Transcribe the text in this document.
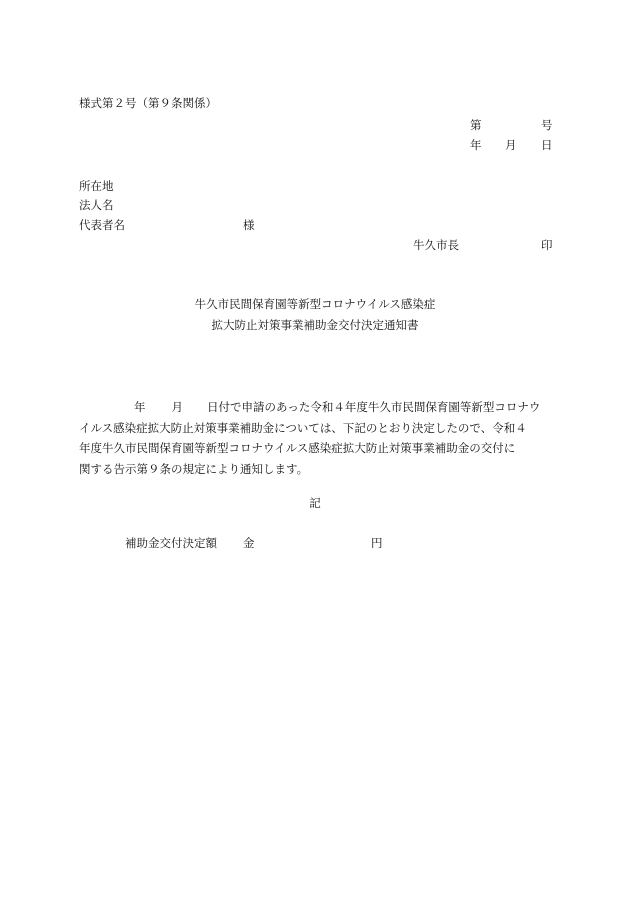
様式第２号（第９条関係）
第	号
年 月 日
所在地
法人名
代表者名	様
牛久市長	印
牛久市民間保育園等新型コロナウイルス感染症
拡大防止対策事業補助金交付決定通知書
年 月 日付で申請のあった令和４年度牛久市民間保育園等新型コロナウ
イルス感染症拡大防止対策事業補助金については、下記のとおり決定したので、令和４
年度牛久市民間保育園等新型コロナウイルス感染症拡大防止対策事業補助金の交付に
関する告示第９条の規定により通知します。
記
補助金交付決定額 金	円
